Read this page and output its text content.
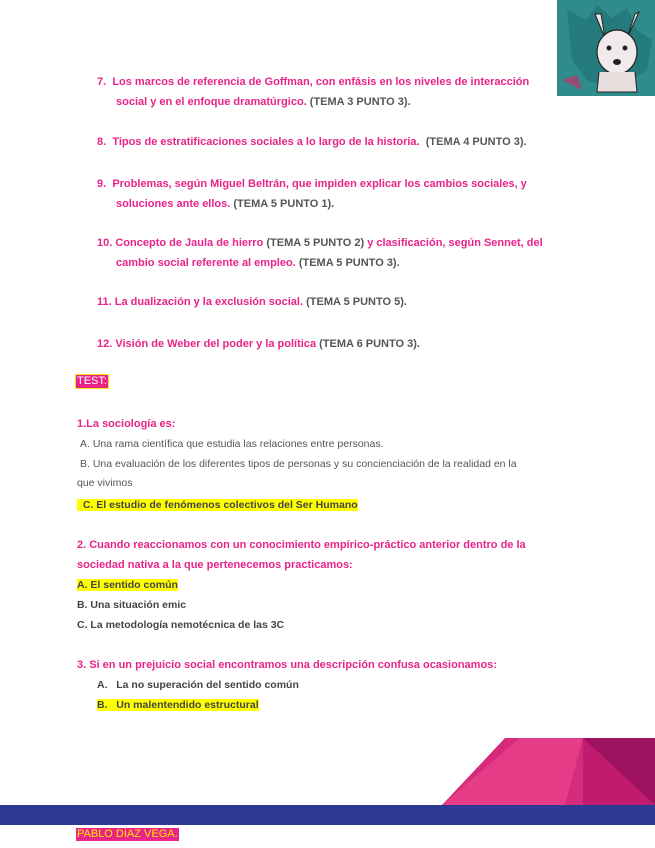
7. Los marcos de referencia de Goffman, con enfásis en los niveles de interacción
social y en el enfoque dramatúrgico. (TEMA 3 PUNTO 3).
8. Tipos de estratificaciones sociales a lo largo de la historia. (TEMA 4 PUNTO 3).
9. Problemas, según Miguel Beltrán, que impiden explicar los cambios sociales, y
soluciones ante ellos. (TEMA 5 PUNTO 1).
10. Concepto de Jaula de hierro (TEMA 5 PUNTO 2) y clasificación, según Sennet, del
cambio social referente al empleo. (TEMA 5 PUNTO 3).
11. La dualización y la exclusión social. (TEMA 5 PUNTO 5).
12. Visión de Weber del poder y la política (TEMA 6 PUNTO 3).
TEST:
1.La sociología es:
A. Una rama científica que estudia las relaciones entre personas.
B. Una evaluación de los diferentes tipos de personas y su concienciación de la realidad en la
que vivimos
C. El estudio de fenómenos colectivos del Ser Humano
2. Cuando reaccionamos con un conocimiento empírico-práctico anterior dentro de la
sociedad nativa a la que pertenecemos practicamos:
A. El sentido común
B. Una situación emic
C. La metodología nemotécnica de las 3C
3. Si en un prejuicio social encontramos una descripción confusa ocasionamos:
A.   La no superación del sentido común
B.   Un malentendido estructural
PABLO DÍAZ VEGA.
